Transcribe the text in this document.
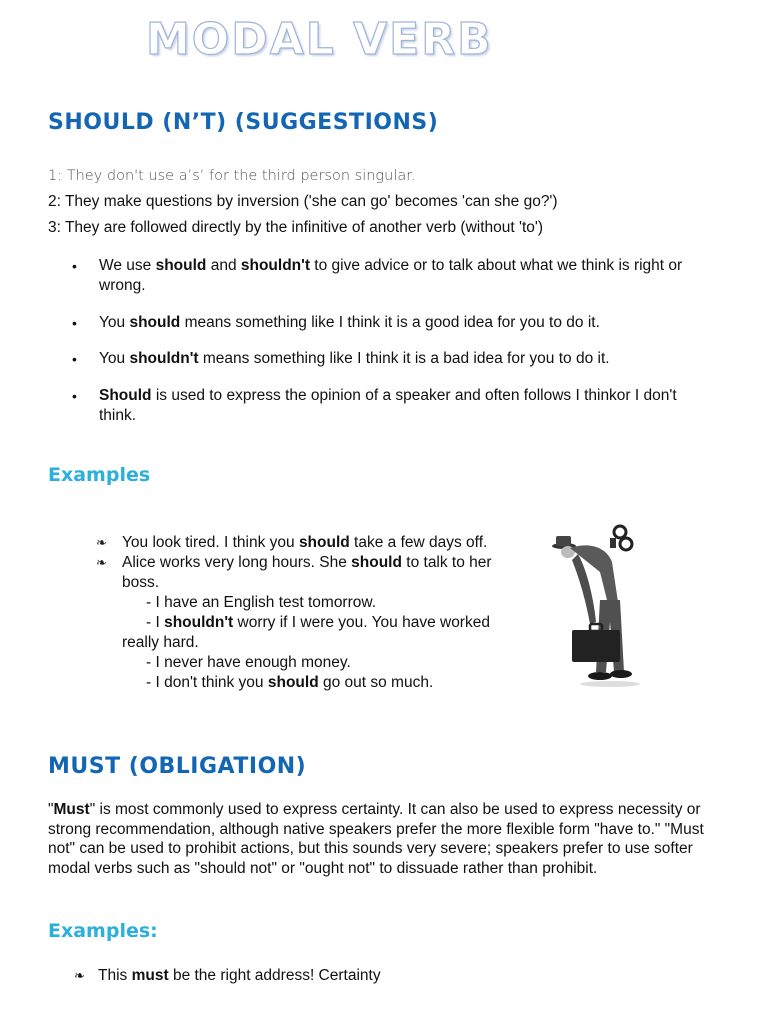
MODAL VERB
SHOULD (N’T) (SUGGESTIONS)
1: They don't use a’s’ for the third person singular.
2: They make questions by inversion ('she can go' becomes 'can she go?')
3: They are followed directly by the infinitive of another verb (without 'to')
• We use should and shouldn't to give advice or to talk about what we think is right or wrong.
• You should means something like I think it is a good idea for you to do it.
• You shouldn't means something like I think it is a bad idea for you to do it.
• Should is used to express the opinion of a speaker and often follows I thinkor I don't think.
Examples
❧ You look tired. I think you should take a few days off.
❧ Alice works very long hours. She should to talk to her
boss.
- I have an English test tomorrow.
- I shouldn't worry if I were you. You have worked
really hard.
- I never have enough money.
- I don't think you should go out so much.
MUST (OBLIGATION)
"Must" is most commonly used to express certainty. It can also be used to express necessity or strong recommendation, although native speakers prefer the more flexible form "have to." "Must not" can be used to prohibit actions, but this sounds very severe; speakers prefer to use softer modal verbs such as "should not" or "ought not" to dissuade rather than prohibit.
Examples:
❧ This must be the right address! Certainty
